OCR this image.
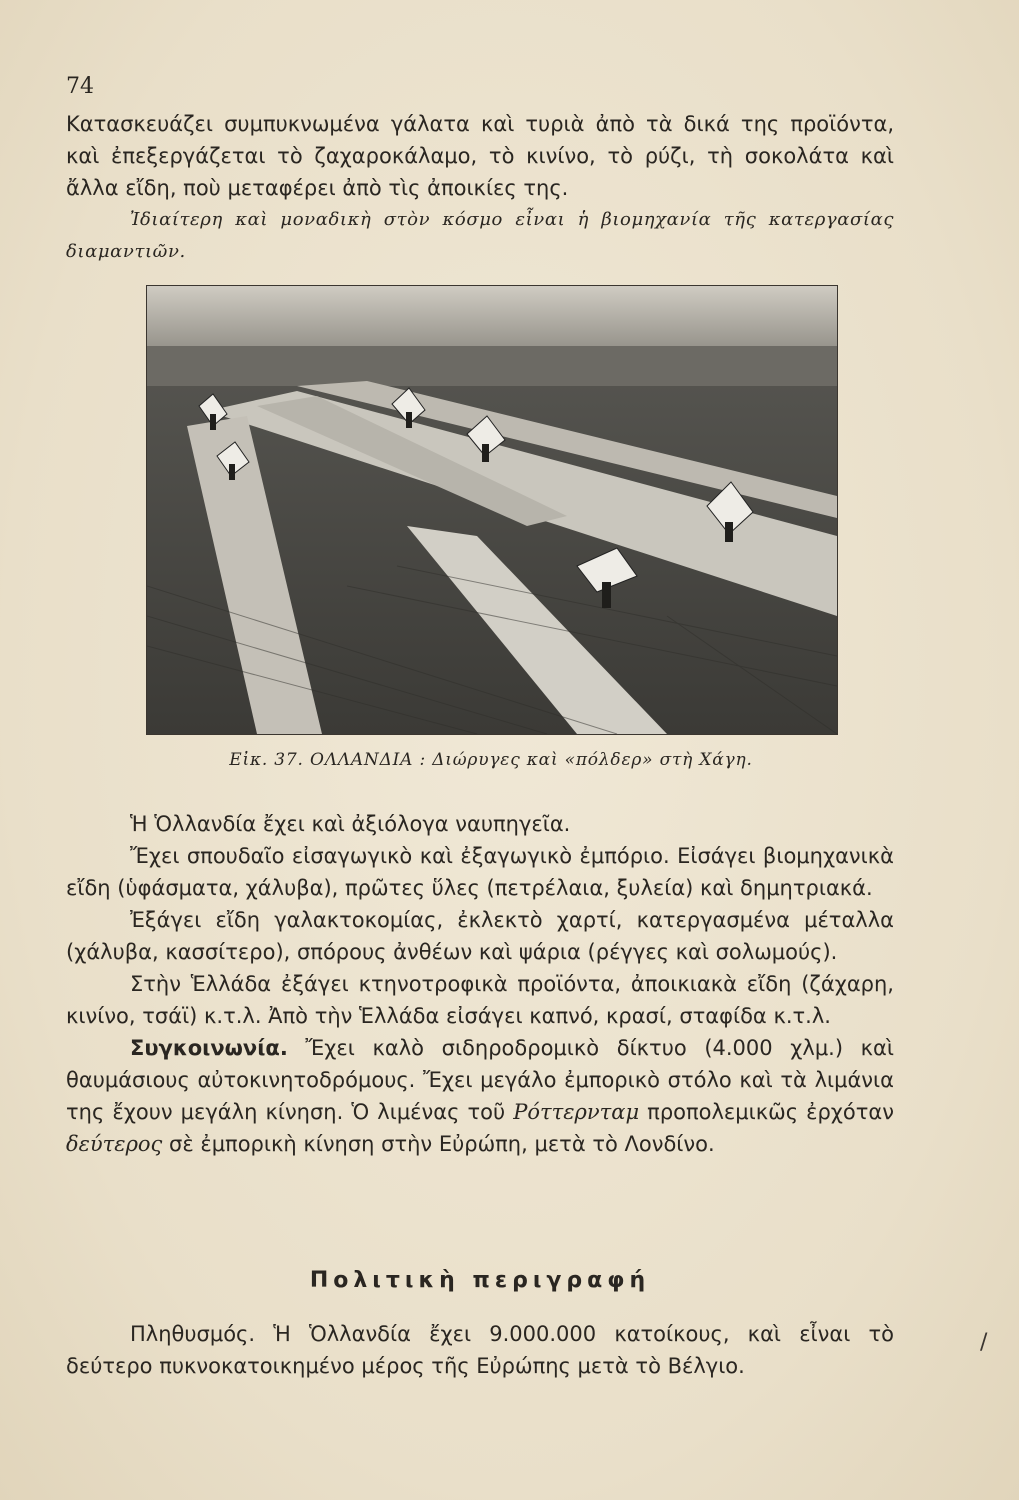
74

Κατασκευάζει συμπυκνωμένα γάλατα καὶ τυριὰ ἀπὸ τὰ δικά της προϊόντα, καὶ ἐπεξεργάζεται τὸ ζαχαροκάλαμο, τὸ κινίνο, τὸ ρύζι, τὴ σοκολάτα καὶ ἄλλα εἴδη, ποὺ μεταφέρει ἀπὸ τὶς ἀποικίες της.

Ἰδιαίτερη καὶ μοναδικὴ στὸν κόσμο εἶναι ἡ βιομηχανία τῆς κατεργασίας διαμαντιῶν.

Εἰκ. 37. ΟΛΛΑΝΔΙΑ : Διώρυγες καὶ «πόλδερ» στὴ Χάγη.

Ἡ Ὁλλανδία ἔχει καὶ ἀξιόλογα ναυπηγεῖα.

Ἔχει σπουδαῖο εἰσαγωγικὸ καὶ ἐξαγωγικὸ ἐμπόριο. Εἰσάγει βιομηχανικὰ εἴδη (ὑφάσματα, χάλυβα), πρῶτες ὕλες (πετρέλαια, ξυλεία) καὶ δημητριακά.

Ἐξάγει εἴδη γαλακτοκομίας, ἐκλεκτὸ χαρτί, κατεργασμένα μέταλλα (χάλυβα, κασσίτερο), σπόρους ἀνθέων καὶ ψάρια (ρέγγες καὶ σολωμούς).

Στὴν Ἑλλάδα ἐξάγει κτηνοτροφικὰ προϊόντα, ἀποικιακὰ εἴδη (ζάχαρη, κινίνο, τσάϊ) κ.τ.λ. Ἀπὸ τὴν Ἑλλάδα εἰσάγει καπνό, κρασί, σταφίδα κ.τ.λ.

Συγκοινωνία. Ἔχει καλὸ σιδηροδρομικὸ δίκτυο (4.000 χλμ.) καὶ θαυμάσιους αὐτοκινητοδρόμους. Ἔχει μεγάλο ἐμπορικὸ στόλο καὶ τὰ λιμάνια της ἔχουν μεγάλη κίνηση. Ὁ λιμένας τοῦ Ρόττερνταμ προπολεμικῶς ἐρχόταν δεύτερος σὲ ἐμπορικὴ κίνηση στὴν Εὐρώπη, μετὰ τὸ Λονδίνο.

Πολιτικὴ περιγραφή

Πληθυσμός. Ἡ Ὁλλανδία ἔχει 9.000.000 κατοίκους, καὶ εἶναι τὸ δεύτερο πυκνοκατοικημένο μέρος τῆς Εὐρώπης μετὰ τὸ Βέλγιο.

/
